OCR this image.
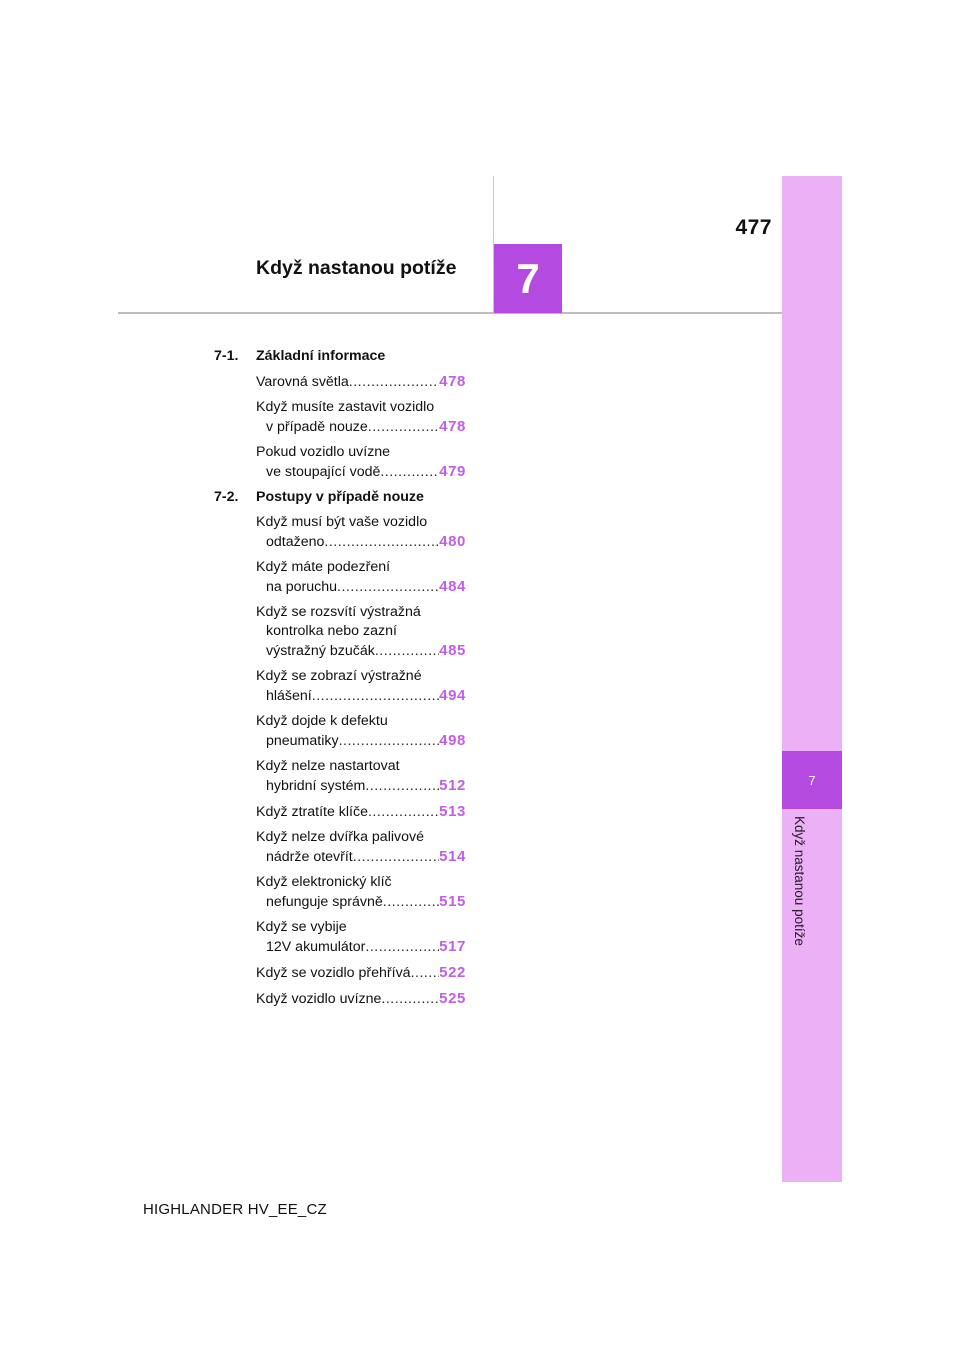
477
Když nastanou potíže	7
7
Když nastanou potíže
7-1.	Základní informace
Varovná světla .....	478
Když musíte zastavit vozidlo
v případě nouze .....	478
Pokud vozidlo uvízne
ve stoupající vodě .....	479
7-2.	Postupy v případě nouze
Když musí být vaše vozidlo
odtaženo .....	480
Když máte podezření
na poruchu .....	484
Když se rozsvítí výstražná
kontrolka nebo zazní
výstražný bzučák .....	485
Když se zobrazí výstražné
hlášení .....	494
Když dojde k defektu
pneumatiky .....	498
Když nelze nastartovat
hybridní systém .....	512
Když ztratíte klíče .....	513
Když nelze dvířka palivové
nádrže otevřít .....	514
Když elektronický klíč
nefunguje správně .....	515
Když se vybije
12V akumulátor .....	517
Když se vozidlo přehřívá ..... 522
Když vozidlo uvízne .....	525
HIGHLANDER HV_EE_CZ
